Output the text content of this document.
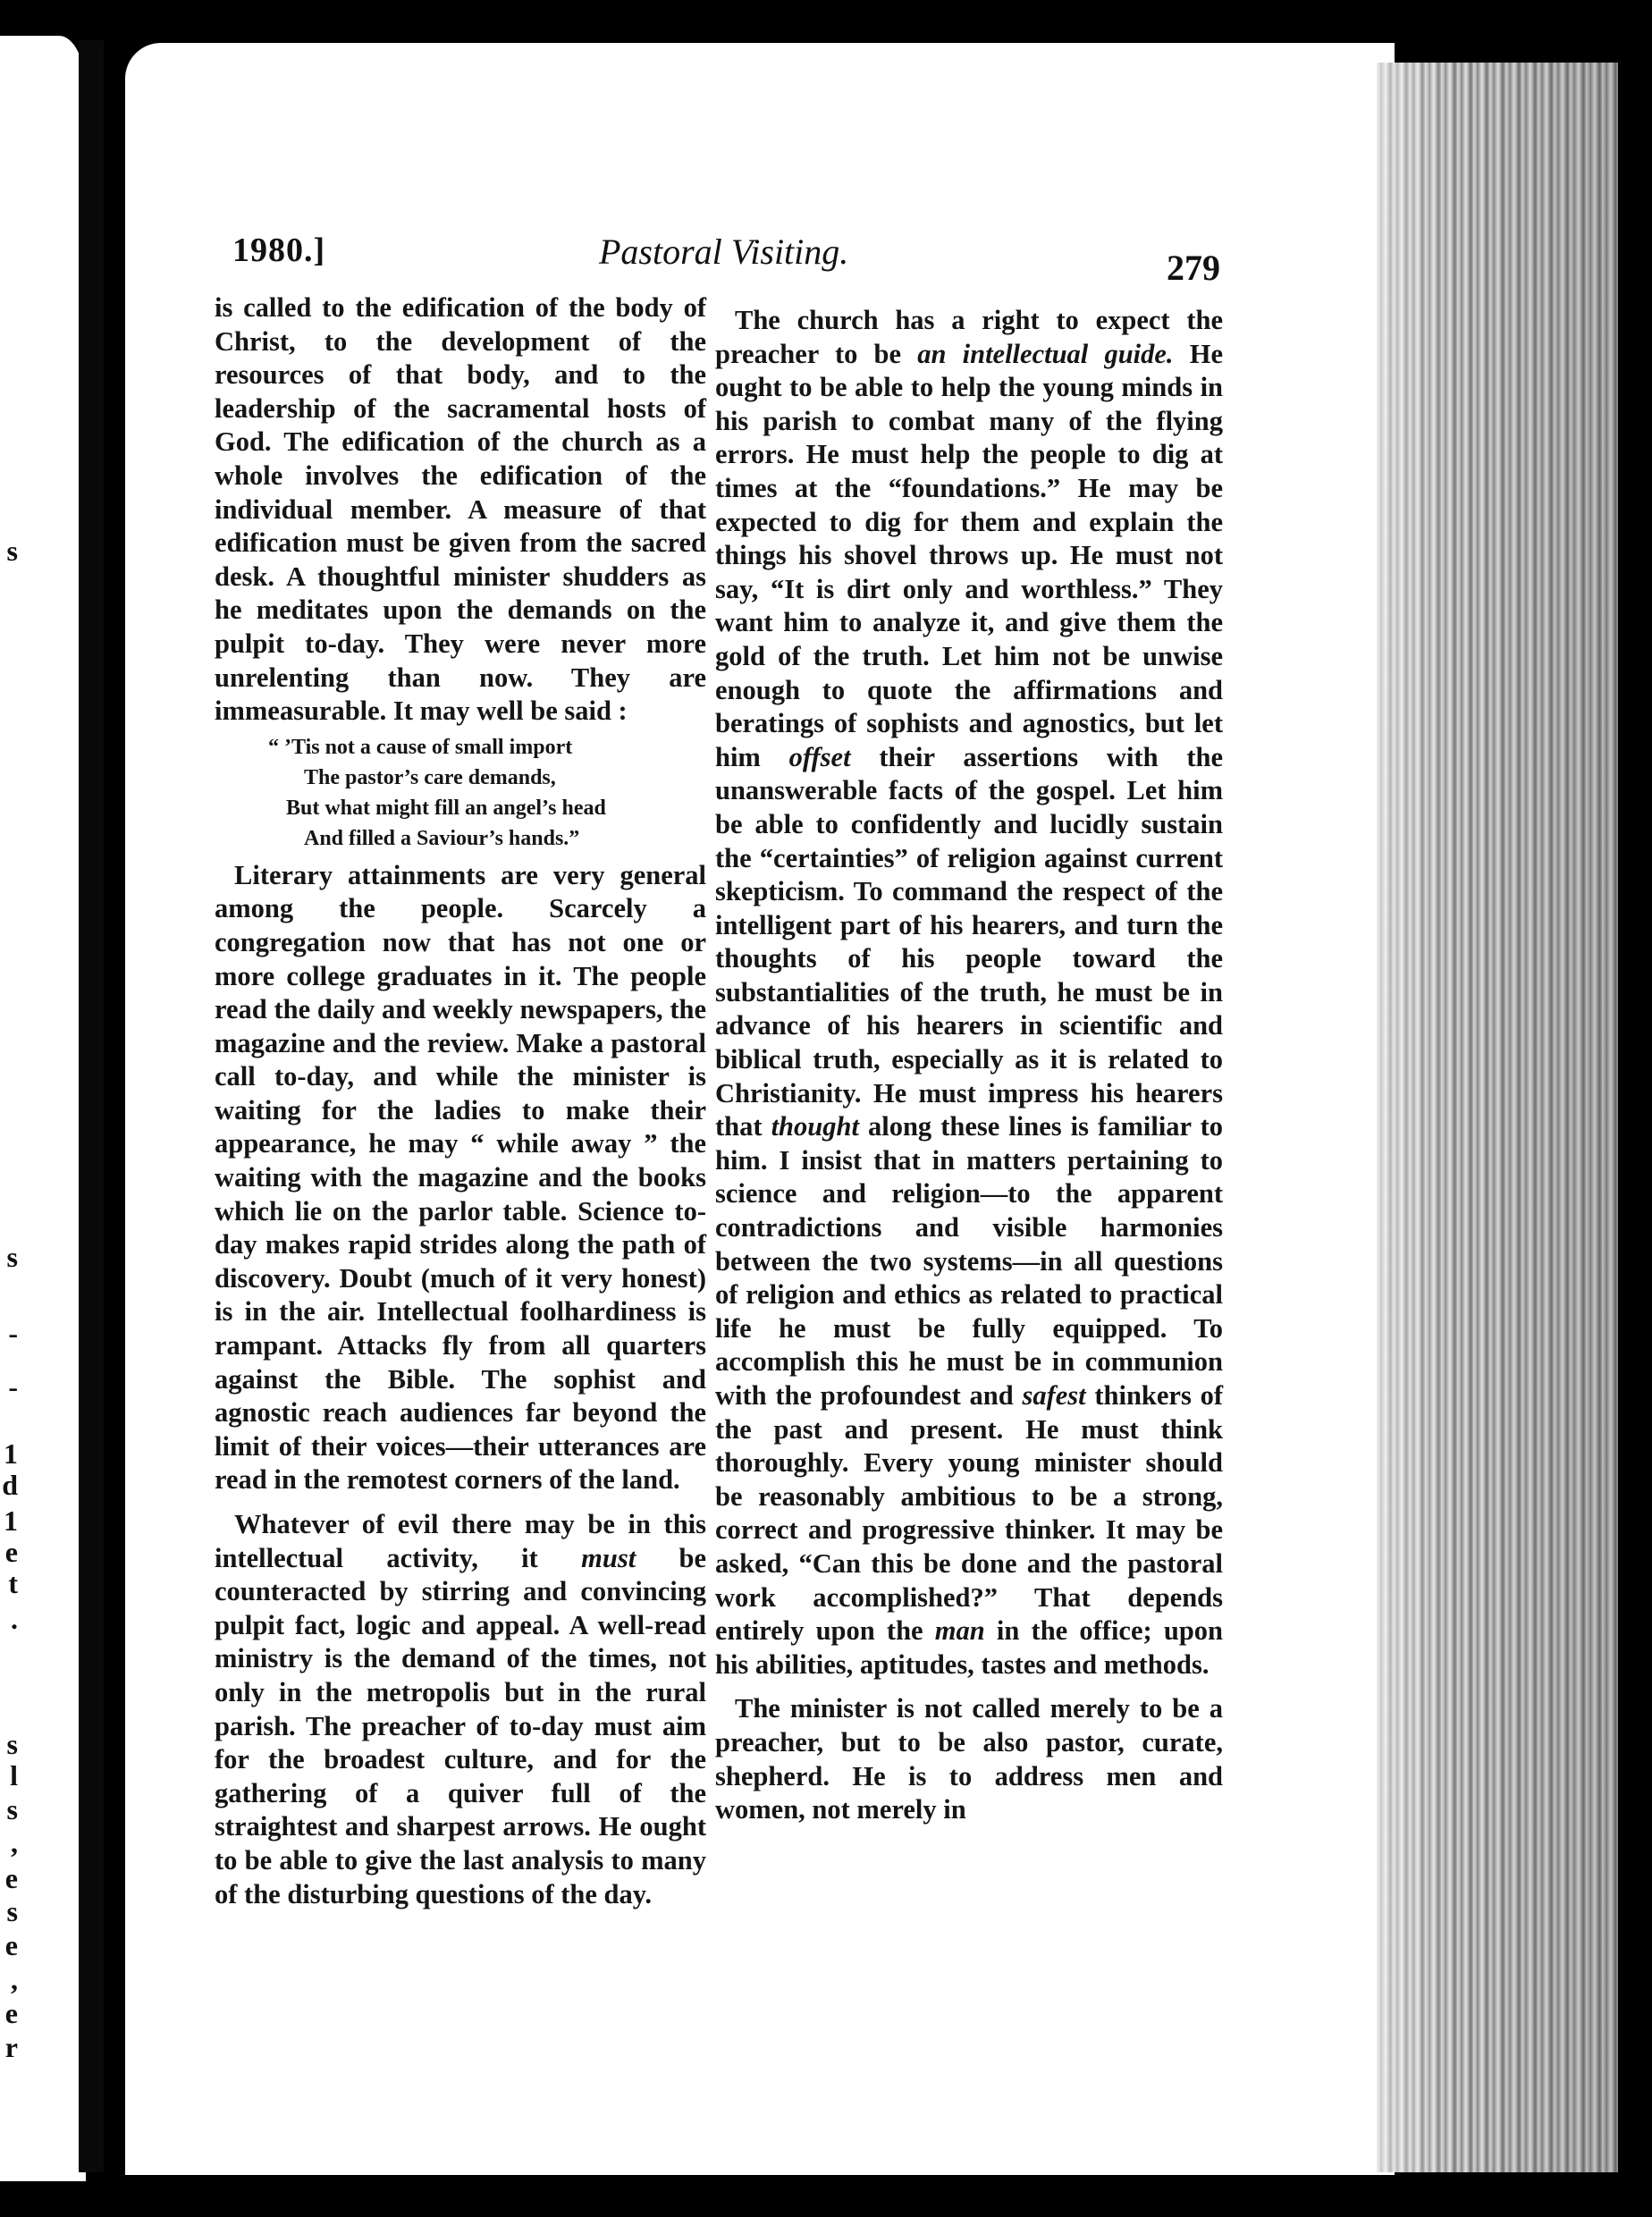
s
s
-
-
1
d
1
e
t
.
s
l
s
,
e
s
e
,
e
r
1980.]	Pastoral Visiting.	279

is called to the edification of the body of Christ, to the development of the resources of that body, and to the leadership of the sacramental hosts of God. The edification of the church as a whole involves the edification of the individual member. A measure of that edification must be given from the sacred desk. A thoughtful minister shudders as he meditates upon the demands on the pulpit to-day. They were never more unrelenting than now. They are immeasurable. It may well be said :

“ ’Tis not a cause of small import
The pastor’s care demands,
But what might fill an angel’s head
And filled a Saviour’s hands.”

Literary attainments are very general among the people. Scarcely a congregation now that has not one or more college graduates in it. The people read the daily and weekly newspapers, the magazine and the review. Make a pastoral call to-day, and while the minister is waiting for the ladies to make their appearance, he may “ while away ” the waiting with the magazine and the books which lie on the parlor table. Science to-day makes rapid strides along the path of discovery. Doubt (much of it very honest) is in the air. Intellectual foolhardiness is rampant. Attacks fly from all quarters against the Bible. The sophist and agnostic reach audiences far beyond the limit of their voices—their utterances are read in the remotest corners of the land.

Whatever of evil there may be in this intellectual activity, it must be counteracted by stirring and convincing pulpit fact, logic and appeal. A well-read ministry is the demand of the times, not only in the metropolis but in the rural parish. The preacher of to-day must aim for the broadest culture, and for the gathering of a quiver full of the straightest and sharpest arrows. He ought to be able to give the last analysis to many of the disturbing questions of the day.

The church has a right to expect the preacher to be an intellectual guide. He ought to be able to help the young minds in his parish to combat many of the flying errors. He must help the people to dig at times at the “foundations.” He may be expected to dig for them and explain the things his shovel throws up. He must not say, “It is dirt only and worthless.” They want him to analyze it, and give them the gold of the truth. Let him not be unwise enough to quote the affirmations and beratings of sophists and agnostics, but let him offset their assertions with the unanswerable facts of the gospel. Let him be able to confidently and lucidly sustain the “certainties” of religion against current skepticism. To command the respect of the intelligent part of his hearers, and turn the thoughts of his people toward the substantialities of the truth, he must be in advance of his hearers in scientific and biblical truth, especially as it is related to Christianity. He must impress his hearers that thought along these lines is familiar to him. I insist that in matters pertaining to science and religion—to the apparent contradictions and visible harmonies between the two systems—in all questions of religion and ethics as related to practical life he must be fully equipped. To accomplish this he must be in communion with the profoundest and safest thinkers of the past and present. He must think thoroughly. Every young minister should be reasonably ambitious to be a strong, correct and progressive thinker. It may be asked, “Can this be done and the pastoral work accomplished?” That depends entirely upon the man in the office; upon his abilities, aptitudes, tastes and methods.

The minister is not called merely to be a preacher, but to be also pastor, curate, shepherd. He is to address men and women, not merely in
